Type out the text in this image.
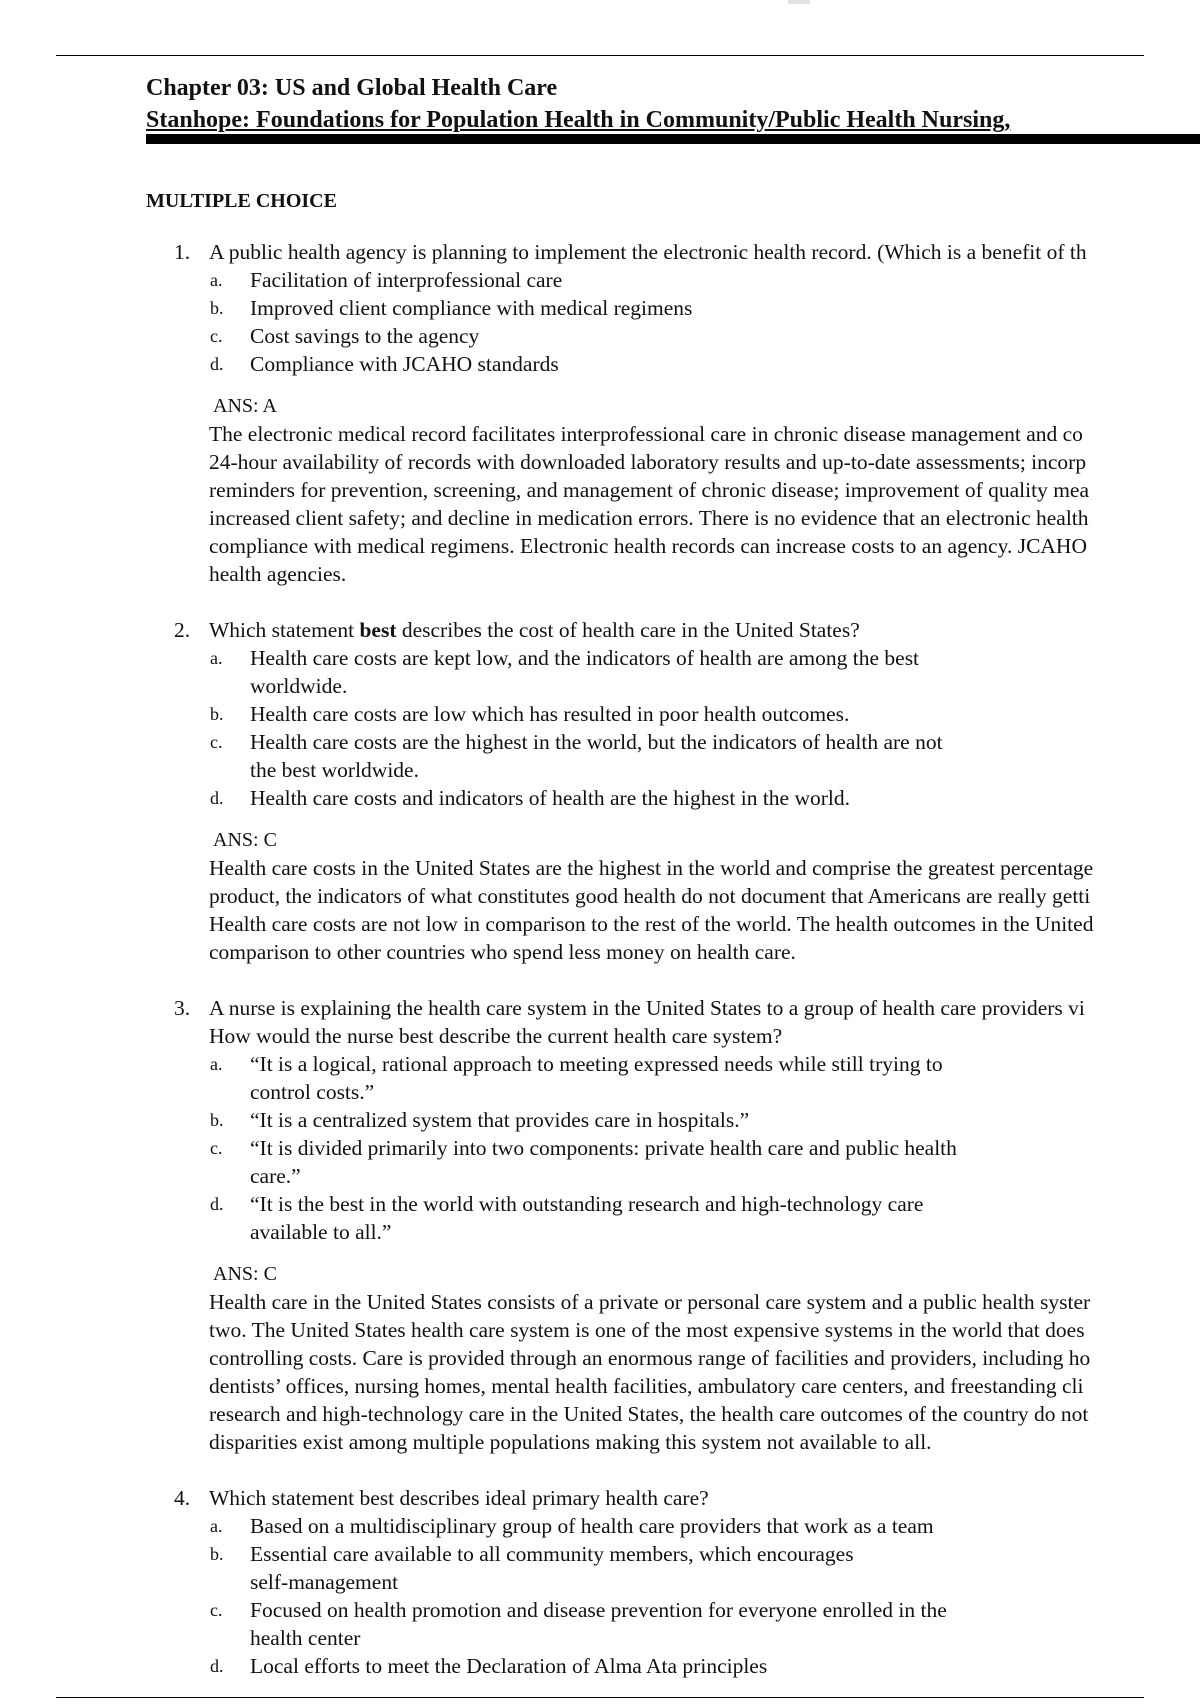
Chapter 03: US and Global Health Care
Stanhope: Foundations for Population Health in Community/Public Health Nursing,
MULTIPLE CHOICE
1. A public health agency is planning to implement the electronic health record. (Which is a benefit of th
a. Facilitation of interprofessional care
b. Improved client compliance with medical regimens
c. Cost savings to the agency
d. Compliance with JCAHO standards
ANS: A
The electronic medical record facilitates interprofessional care in chronic disease management and co
24-hour availability of records with downloaded laboratory results and up-to-date assessments; incorp
reminders for prevention, screening, and management of chronic disease; improvement of quality mea
increased client safety; and decline in medication errors. There is no evidence that an electronic health
compliance with medical regimens. Electronic health records can increase costs to an agency. JCAHO
health agencies.
2. Which statement best describes the cost of health care in the United States?
a. Health care costs are kept low, and the indicators of health are among the best
worldwide.
b. Health care costs are low which has resulted in poor health outcomes.
c. Health care costs are the highest in the world, but the indicators of health are not
the best worldwide.
d. Health care costs and indicators of health are the highest in the world.
ANS: C
Health care costs in the United States are the highest in the world and comprise the greatest percentage
product, the indicators of what constitutes good health do not document that Americans are really getti
Health care costs are not low in comparison to the rest of the world. The health outcomes in the United
comparison to other countries who spend less money on health care.
3. A nurse is explaining the health care system in the United States to a group of health care providers vi
How would the nurse best describe the current health care system?
a. “It is a logical, rational approach to meeting expressed needs while still trying to
control costs.”
b. “It is a centralized system that provides care in hospitals.”
c. “It is divided primarily into two components: private health care and public health
care.”
d. “It is the best in the world with outstanding research and high-technology care
available to all.”
ANS: C
Health care in the United States consists of a private or personal care system and a public health syster
two. The United States health care system is one of the most expensive systems in the world that does
controlling costs. Care is provided through an enormous range of facilities and providers, including ho
dentists’ offices, nursing homes, mental health facilities, ambulatory care centers, and freestanding cli
research and high-technology care in the United States, the health care outcomes of the country do not
disparities exist among multiple populations making this system not available to all.
4. Which statement best describes ideal primary health care?
a. Based on a multidisciplinary group of health care providers that work as a team
b. Essential care available to all community members, which encourages
self-management
c. Focused on health promotion and disease prevention for everyone enrolled in the
health center
d. Local efforts to meet the Declaration of Alma Ata principles
